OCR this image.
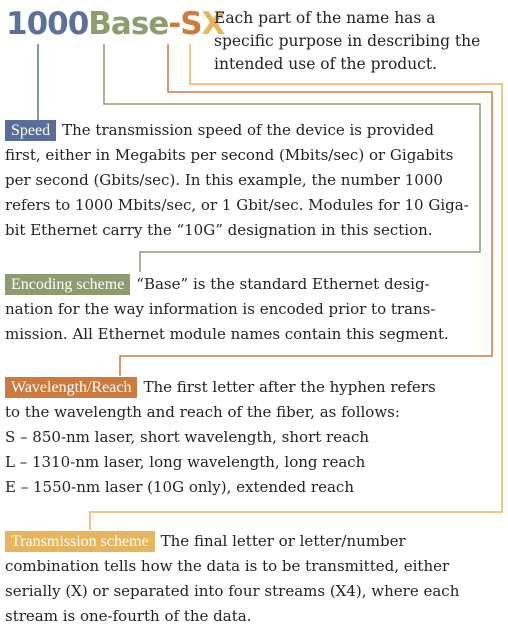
1000Base-SX
Each part of the name has a
specific purpose in describing the
intended use of the product.
Speed The transmission speed of the device is provided
first, either in Megabits per second (Mbits/sec) or Gigabits
per second (Gbits/sec). In this example, the number 1000
refers to 1000 Mbits/sec, or 1 Gbit/sec. Modules for 10 Giga-
bit Ethernet carry the “10G” designation in this section.
Encoding scheme “Base” is the standard Ethernet desig-
nation for the way information is encoded prior to trans-
mission. All Ethernet module names contain this segment.
Wavelength/Reach The first letter after the hyphen refers
to the wavelength and reach of the fiber, as follows:
S – 850-nm laser, short wavelength, short reach
L – 1310-nm laser, long wavelength, long reach
E – 1550-nm laser (10G only), extended reach
Transmission scheme The final letter or letter/number
combination tells how the data is to be transmitted, either
serially (X) or separated into four streams (X4), where each
stream is one-fourth of the data.
